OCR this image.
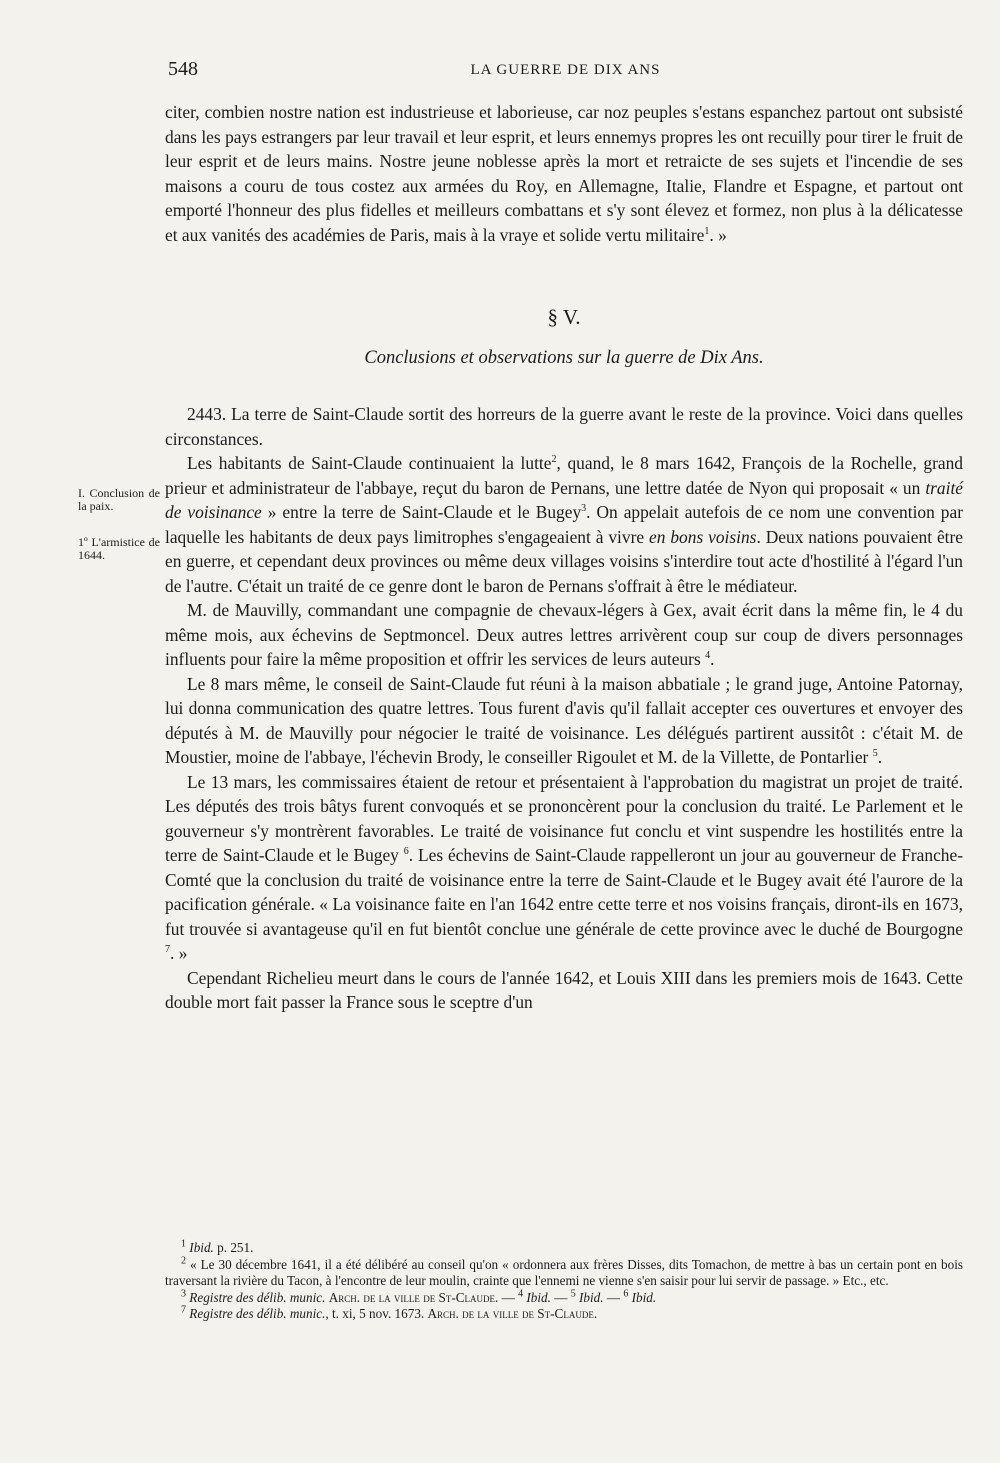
548	LA GUERRE DE DIX ANS
I. Conclusion de la paix.
1º L'armistice de 1644.

citer, combien nostre nation est industrieuse et laborieuse, car noz peuples s'estans espanchez partout ont subsisté dans les pays estrangers par leur travail et leur esprit, et leurs ennemys propres les ont recuilly pour tirer le fruit de leur esprit et de leurs mains. Nostre jeune noblesse après la mort et retraicte de ses sujets et l'incendie de ses maisons a couru de tous costez aux armées du Roy, en Allemagne, Italie, Flandre et Espagne, et partout ont emporté l'honneur des plus fidelles et meilleurs combattans et s'y sont élevez et formez, non plus à la délicatesse et aux vanités des académies de Paris, mais à la vraye et solide vertu militaire$^1$. »

§ V.

Conclusions et observations sur la guerre de Dix Ans.

2443. La terre de Saint-Claude sortit des horreurs de la guerre avant le reste de la province. Voici dans quelles circonstances.

Les habitants de Saint-Claude continuaient la lutte$^2$, quand, le 8 mars 1642, François de la Rochelle, grand prieur et administrateur de l'abbaye, reçut du baron de Pernans, une lettre datée de Nyon qui proposait « un traité de voisinance » entre la terre de Saint-Claude et le Bugey$^3$. On appelait autefois de ce nom une convention par laquelle les habitants de deux pays limitrophes s'engageaient à vivre en bons voisins. Deux nations pouvaient être en guerre, et cependant deux provinces ou même deux villages voisins s'interdire tout acte d'hostilité à l'égard l'un de l'autre. C'était un traité de ce genre dont le baron de Pernans s'offrait à être le médiateur.

M. de Mauvilly, commandant une compagnie de chevaux-légers à Gex, avait écrit dans la même fin, le 4 du même mois, aux échevins de Septmoncel. Deux autres lettres arrivèrent coup sur coup de divers personnages influents pour faire la même proposition et offrir les services de leurs auteurs $^4$.

Le 8 mars même, le conseil de Saint-Claude fut réuni à la maison abbatiale ; le grand juge, Antoine Patornay, lui donna communication des quatre lettres. Tous furent d'avis qu'il fallait accepter ces ouvertures et envoyer des députés à M. de Mauvilly pour négocier le traité de voisinance. Les délégués partirent aussitôt : c'était M. de Moustier, moine de l'abbaye, l'échevin Brody, le conseiller Rigoulet et M. de la Villette, de Pontarlier $^5$.

Le 13 mars, les commissaires étaient de retour et présentaient à l'approbation du magistrat un projet de traité. Les députés des trois bâtys furent convoqués et se prononcèrent pour la conclusion du traité. Le Parlement et le gouverneur s'y montrèrent favorables. Le traité de voisinance fut conclu et vint suspendre les hostilités entre la terre de Saint-Claude et le Bugey $^6$. Les échevins de Saint-Claude rappelleront un jour au gouverneur de Franche-Comté que la conclusion du traité de voisinance entre la terre de Saint-Claude et le Bugey avait été l'aurore de la pacification générale. « La voisinance faite en l'an 1642 entre cette terre et nos voisins français, diront-ils en 1673, fut trouvée si avantageuse qu'il en fut bientôt conclue une générale de cette province avec le duché de Bourgogne $^7$. »

Cependant Richelieu meurt dans le cours de l'année 1642, et Louis XIII dans les premiers mois de 1643. Cette double mort fait passer la France sous le sceptre d'un

$^1$ Ibid. p. 251.

$^2$ « Le 30 décembre 1641, il a été délibéré au conseil qu'on « ordonnera aux frères Disses, dits Tomachon, de mettre à bas un certain pont en bois traversant la rivière du Tacon, à l'encontre de leur moulin, crainte que l'ennemi ne vienne s'en saisir pour lui servir de passage. » Etc., etc.

$^3$ Registre des délib. munic. Arch. de la ville de St-Claude. — $^4$ Ibid. — $^5$ Ibid. — $^6$ Ibid.

$^7$ Registre des délib. munic., t. xi, 5 nov. 1673. Arch. de la ville de St-Claude.
